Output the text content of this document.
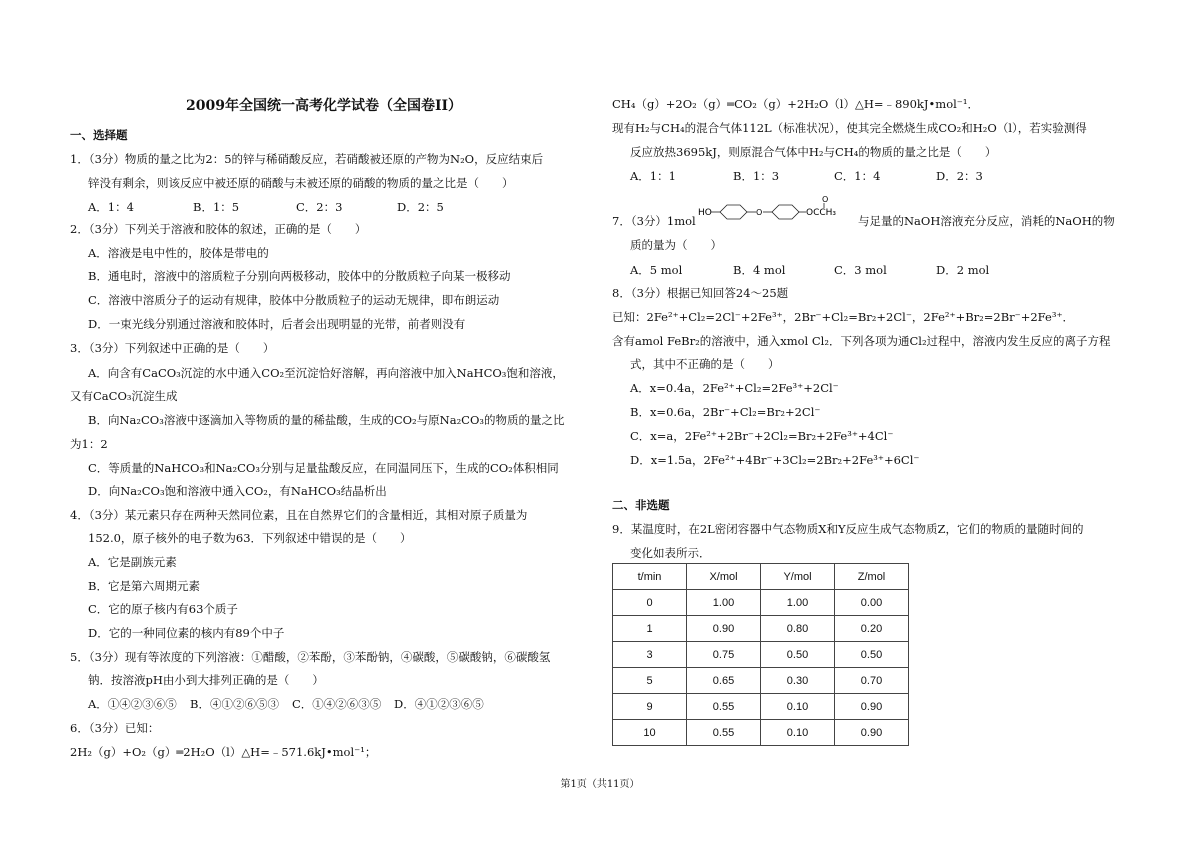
2009年全国统一高考化学试卷（全国卷II）
一、选择题
1．（3分）物质的量之比为2：5的锌与稀硝酸反应，若硝酸被还原的产物为N₂O，反应结束后
锌没有剩余，则该反应中被还原的硝酸与未被还原的硝酸的物质的量之比是（　　）
A．1：4	B．1：5	C．2：3	D．2：5
2．（3分）下列关于溶液和胶体的叙述，正确的是（　　）
A．溶液是电中性的，胶体是带电的
B．通电时，溶液中的溶质粒子分别向两极移动，胶体中的分散质粒子向某一极移动
C．溶液中溶质分子的运动有规律，胶体中分散质粒子的运动无规律，即布朗运动
D．一束光线分别通过溶液和胶体时，后者会出现明显的光带，前者则没有
3．（3分）下列叙述中正确的是（　　）
A．向含有CaCO₃沉淀的水中通入CO₂至沉淀恰好溶解，再向溶液中加入NaHCO₃饱和溶液，
又有CaCO₃沉淀生成
B．向Na₂CO₃溶液中逐滴加入等物质的量的稀盐酸，生成的CO₂与原Na₂CO₃的物质的量之比
为1：2
C．等质量的NaHCO₃和Na₂CO₃分别与足量盐酸反应，在同温同压下，生成的CO₂体积相同
D．向Na₂CO₃饱和溶液中通入CO₂，有NaHCO₃结晶析出
4．（3分）某元素只存在两种天然同位素，且在自然界它们的含量相近，其相对原子质量为
152.0，原子核外的电子数为63．下列叙述中错误的是（　　）
A．它是副族元素
B．它是第六周期元素
C．它的原子核内有63个质子
D．它的一种同位素的核内有89个中子
5．（3分）现有等浓度的下列溶液：①醋酸，②苯酚，③苯酚钠，④碳酸，⑤碳酸钠，⑥碳酸氢
钠．按溶液pH由小到大排列正确的是（　　）
A．①④②③⑥⑤ B．④①②⑥⑤③ C．①④②⑥③⑤ D．④①②③⑥⑤
6．（3分）已知：
2H₂（g）+O₂（g）═2H₂O（l）△H=﹣571.6kJ•mol⁻¹；
CH₄（g）+2O₂（g）═CO₂（g）+2H₂O（l）△H=﹣890kJ•mol⁻¹．
现有H₂与CH₄的混合气体112L（标准状况），使其完全燃烧生成CO₂和H₂O（l），若实验测得
反应放热3695kJ，则原混合气体中H₂与CH₄的物质的量之比是（　　）
A．1：1	B．1：3	C．1：4	D．2：3
7．（3分）1mol
HO	O
O
OCCH₃
与足量的NaOH溶液充分反应，消耗的NaOH的物
质的量为（　　）
A．5 mol	B．4 mol	C．3 mol	D．2 mol
8．（3分）根据已知回答24～25题
已知：2Fe²⁺+Cl₂=2Cl⁻+2Fe³⁺，2Br⁻+Cl₂=Br₂+2Cl⁻，2Fe²⁺+Br₂=2Br⁻+2Fe³⁺．
含有amol FeBr₂的溶液中，通入xmol Cl₂．下列各项为通Cl₂过程中，溶液内发生反应的离子方程
式，其中不正确的是（　　）
A．x=0.4a，2Fe²⁺+Cl₂=2Fe³⁺+2Cl⁻
B．x=0.6a，2Br⁻+Cl₂=Br₂+2Cl⁻
C．x=a，2Fe²⁺+2Br⁻+2Cl₂=Br₂+2Fe³⁺+4Cl⁻
D．x=1.5a，2Fe²⁺+4Br⁻+3Cl₂=2Br₂+2Fe³⁺+6Cl⁻
二、非选题
9．某温度时，在2L密闭容器中气态物质X和Y反应生成气态物质Z，它们的物质的量随时间的
变化如表所示．
t/min	X/mol	Y/mol	Z/mol
0	1.00	1.00	0.00
1	0.90	0.80	0.20
3	0.75	0.50	0.50
5	0.65	0.30	0.70
9	0.55	0.10	0.90
10	0.55	0.10	0.90
第1页（共11页）
